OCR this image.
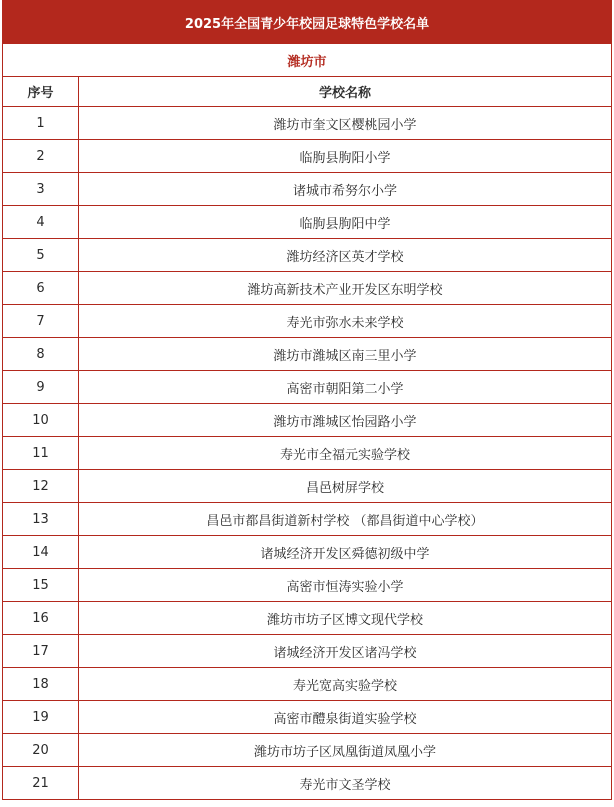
2025年全国青少年校园足球特色学校名单	
潍坊市	
序号	学校名称
1	潍坊市奎文区樱桃园小学
2	临朐县朐阳小学
3	诸城市希努尔小学
4	临朐县朐阳中学
5	潍坊经济区英才学校
6	潍坊高新技术产业开发区东明学校
7	寿光市弥水未来学校
8	潍坊市潍城区南三里小学
9	高密市朝阳第二小学
10	潍坊市潍城区怡园路小学
11	寿光市全福元实验学校
12	昌邑树屏学校
13	昌邑市都昌街道新村学校 （都昌街道中心学校）
14	诸城经济开发区舜德初级中学
15	高密市恒涛实验小学
16	潍坊市坊子区博文现代学校
17	诸城经济开发区诸冯学校
18	寿光宽高实验学校
19	高密市醴泉街道实验学校
20	潍坊市坊子区凤凰街道凤凰小学
21	寿光市文圣学校
